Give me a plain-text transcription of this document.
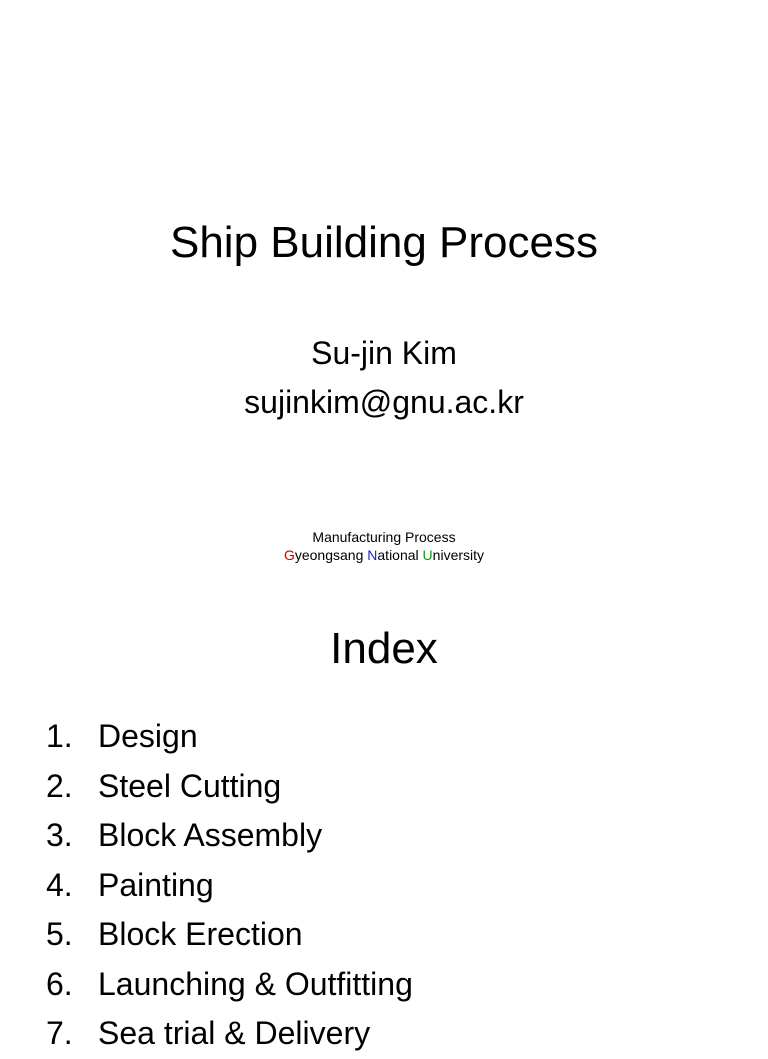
Ship Building Process
Su-jin Kim
sujinkim@gnu.ac.kr
Manufacturing Process
Gyeongsang National University
Index
1. Design
2. Steel Cutting
3. Block Assembly
4. Painting
5. Block Erection
6. Launching & Outfitting
7. Sea trial & Delivery
